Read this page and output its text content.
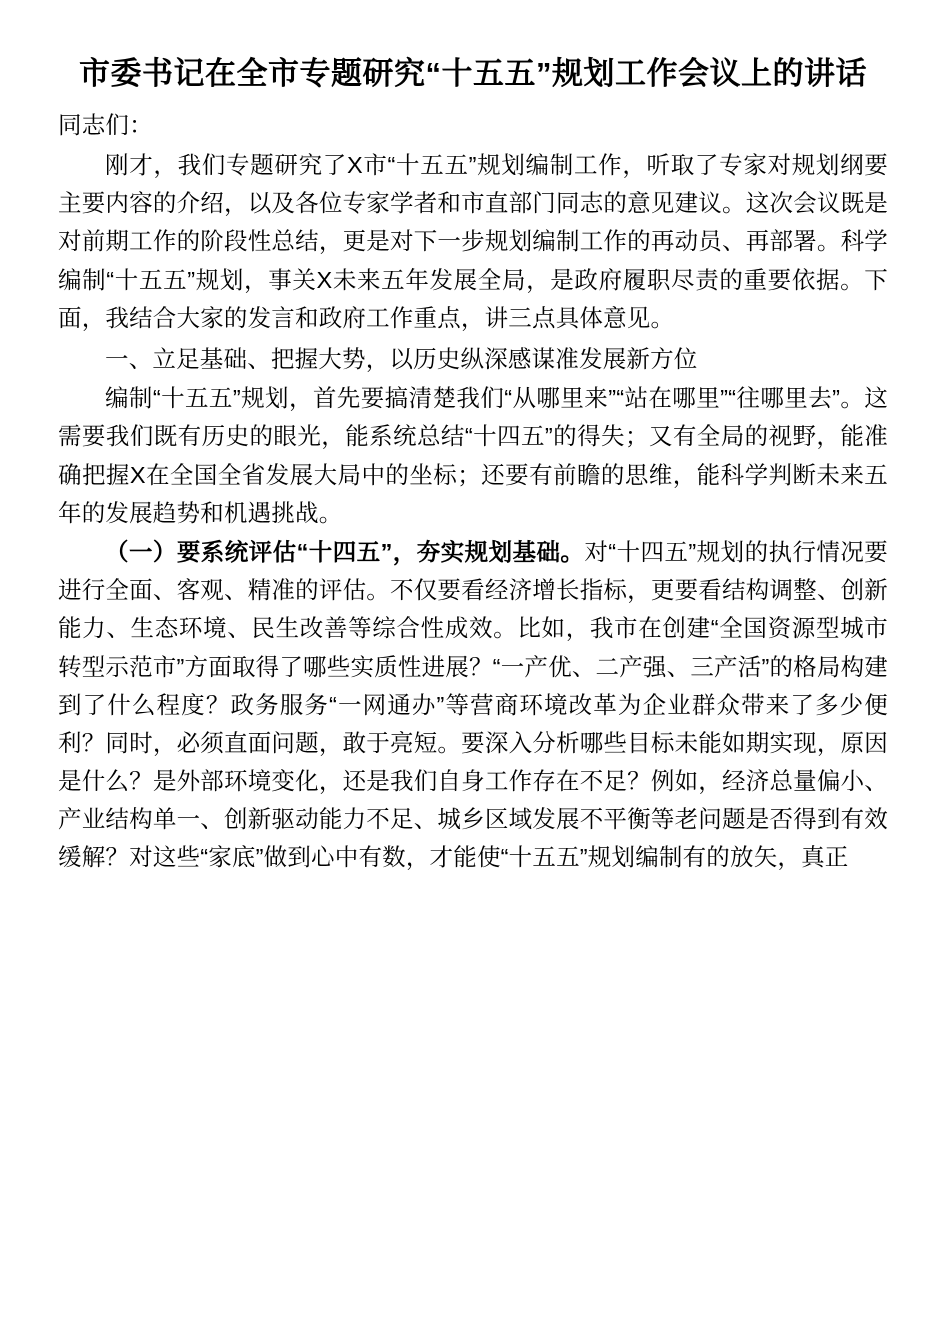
市委书记在全市专题研究“十五五”规划工作会议上的讲话
同志们：

刚才，我们专题研究了X市“十五五”规划编制工作，听取了专家对规划纲要主要内容的介绍，以及各位专家学者和市直部门同志的意见建议。这次会议既是对前期工作的阶段性总结，更是对下一步规划编制工作的再动员、再部署。科学编制“十五五”规划，事关X未来五年发展全局，是政府履职尽责的重要依据。下面，我结合大家的发言和政府工作重点，讲三点具体意见。

一、立足基础、把握大势，以历史纵深感谋准发展新方位

编制“十五五”规划，首先要搞清楚我们“从哪里来”“站在哪里”“往哪里去”。这需要我们既有历史的眼光，能系统总结“十四五”的得失；又有全局的视野，能准确把握X在全国全省发展大局中的坐标；还要有前瞻的思维，能科学判断未来五年的发展趋势和机遇挑战。

（一）要系统评估“十四五”，夯实规划基础。对“十四五”规划的执行情况要进行全面、客观、精准的评估。不仅要看经济增长指标，更要看结构调整、创新能力、生态环境、民生改善等综合性成效。比如，我市在创建“全国资源型城市转型示范市”方面取得了哪些实质性进展？“一产优、二产强、三产活”的格局构建到了什么程度？政务服务“一网通办”等营商环境改革为企业群众带来了多少便利？同时，必须直面问题，敢于亮短。要深入分析哪些目标未能如期实现，原因是什么？是外部环境变化，还是我们自身工作存在不足？例如，经济总量偏小、产业结构单一、创新驱动能力不足、城乡区域发展不平衡等老问题是否得到有效缓解？对这些“家底”做到心中有数，才能使“十五五”规划编制有的放矢，真正
